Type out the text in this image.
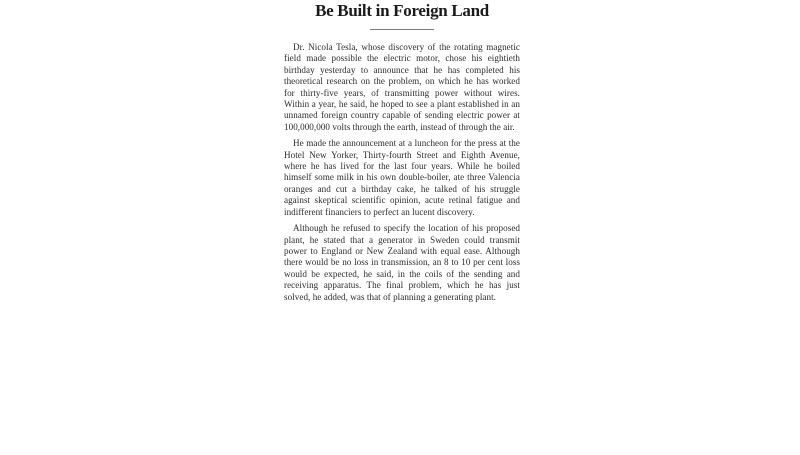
Be Built in Foreign Land

Dr. Nicola Tesla, whose discovery of the rotating magnetic field made possible the electric motor, chose his eightieth birthday yesterday to announce that he has completed his theoretical research on the problem, on which he has worked for thirty-five years, of transmitting power without wires. Within a year, he said, he hoped to see a plant established in an unnamed foreign country capable of sending electric power at 100,000,000 volts through the earth, instead of through the air.

He made the announcement at a luncheon for the press at the Hotel New Yorker, Thirty-fourth Street and Eighth Avenue, where he has lived for the last four years. While he boiled himself some milk in his own double-boiler, ate three Valencia oranges and cut a birthday cake, he talked of his struggle against skeptical scientific opinion, acute retinal fatigue and indifferent financiers to perfect an lucent discovery.

Although he refused to specify the location of his proposed plant, he stated that a generator in Sweden could transmit power to England or New Zealand with equal ease. Although there would be no loss in transmission, an 8 to 10 per cent loss would be expected, he said, in the coils of the sending and receiving apparatus. The final problem, which he has just solved, he added, was that of planning a generating plant.
